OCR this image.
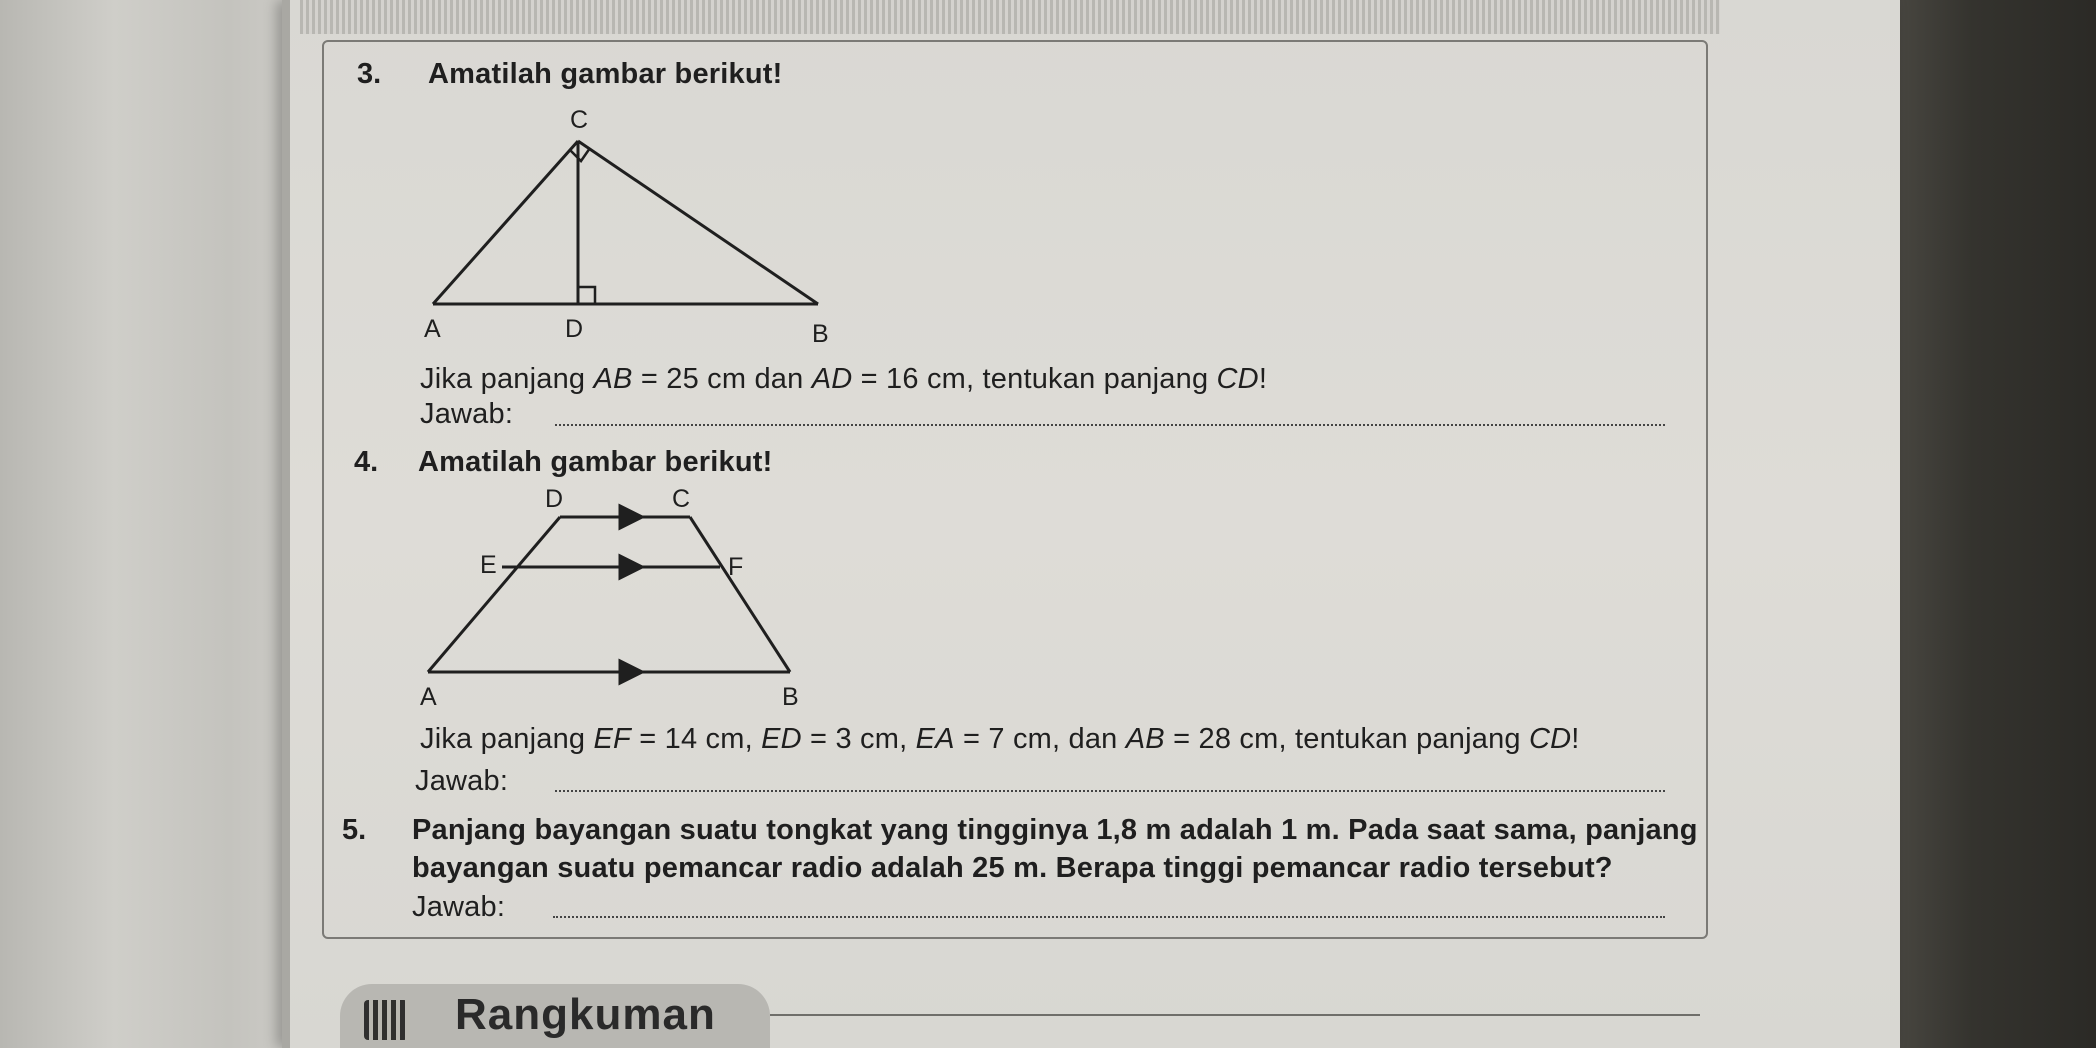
3. Amatilah gambar berikut!
C
A	D	B
Jika panjang AB = 25 cm dan AD = 16 cm, tentukan panjang CD!
Jawab:
4. Amatilah gambar berikut!
D	C
E	F
A	B
Jika panjang EF = 14 cm, ED = 3 cm, EA = 7 cm, dan AB = 28 cm, tentukan panjang CD!
Jawab:
5. Panjang bayangan suatu tongkat yang tingginya 1,8 m adalah 1 m. Pada saat sama, panjang
bayangan suatu pemancar radio adalah 25 m. Berapa tinggi pemancar radio tersebut?
Jawab:
Rangkuman
